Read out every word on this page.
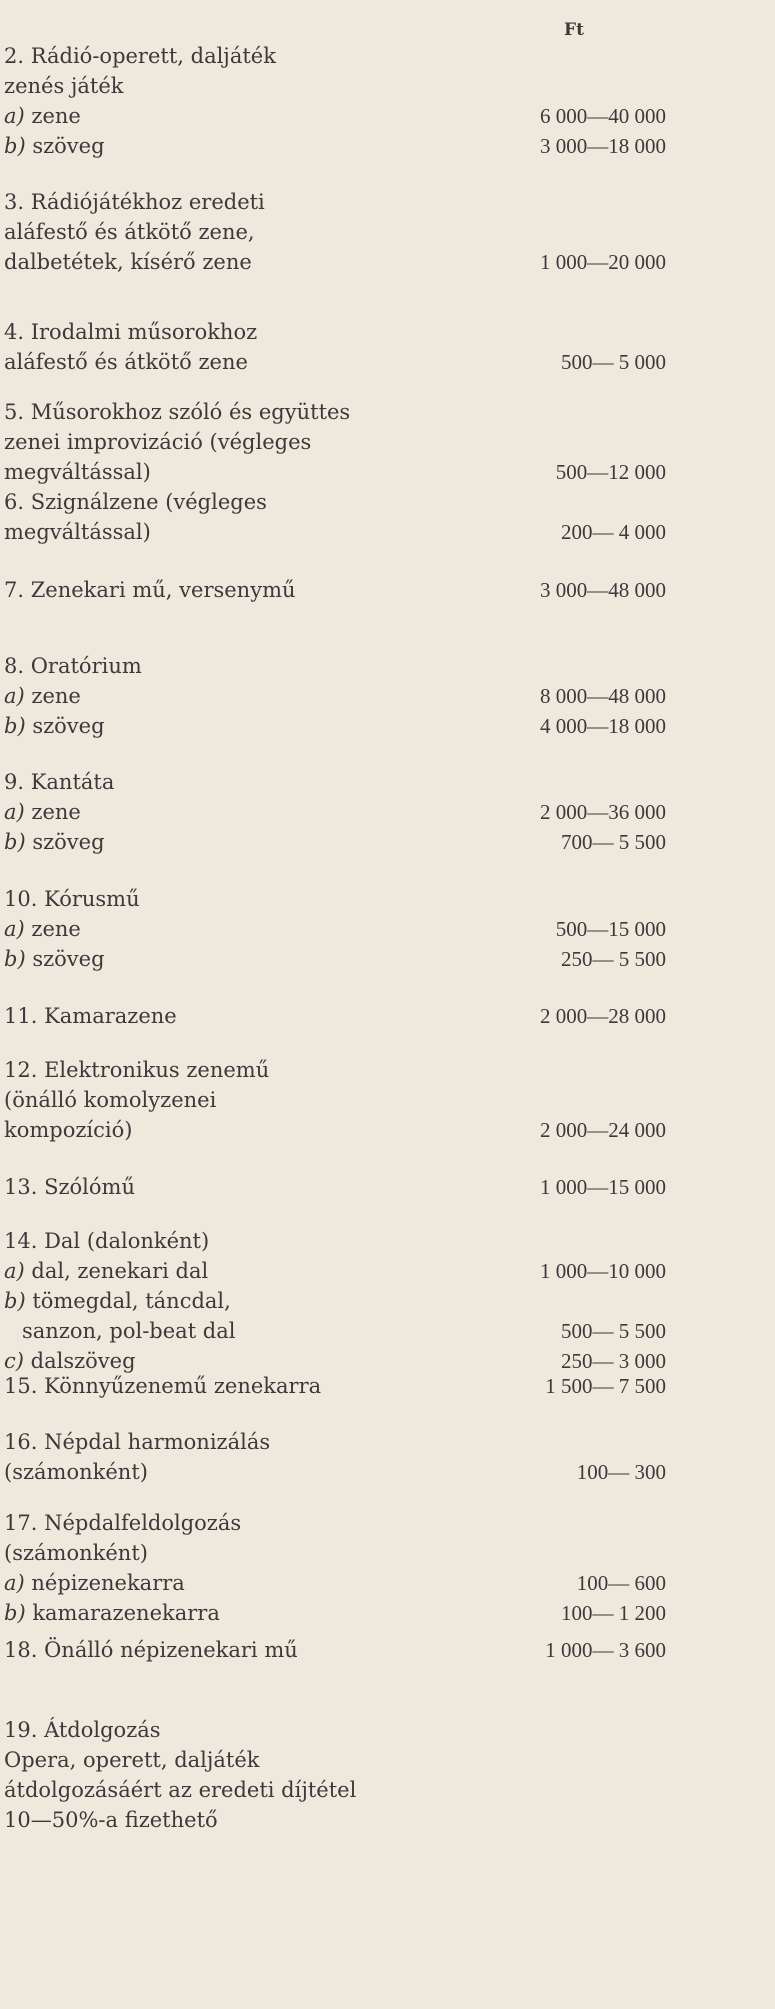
Ft
2. Rádió-operett, daljáték
zenés játék
a) zene	6 000—40 000
b) szöveg	3 000—18 000
3. Rádiójátékhoz eredeti
aláfestő és átkötő zene,
dalbetétek, kísérő zene	1 000—20 000
4. Irodalmi műsorokhoz
aláfestő és átkötő zene	500— 5 000
5. Műsorokhoz szóló és együttes
zenei improvizáció (végleges
megváltással)	500—12 000
6. Szignálzene (végleges
megváltással)	200— 4 000
7. Zenekari mű, versenymű	3 000—48 000
8. Oratórium
a) zene	8 000—48 000
b) szöveg	4 000—18 000
9. Kantáta
a) zene	2 000—36 000
b) szöveg	700— 5 500
10. Kórusmű
a) zene	500—15 000
b) szöveg	250— 5 500
11. Kamarazene	2 000—28 000
12. Elektronikus zenemű
(önálló komolyzenei
kompozíció)	2 000—24 000
13. Szólómű	1 000—15 000
14. Dal (dalonként)
a) dal, zenekari dal	1 000—10 000
b) tömegdal, táncdal,
sanzon, pol-beat dal	500— 5 500
c) dalszöveg	250— 3 000
15. Könnyűzenemű zenekarra	1 500— 7 500
16. Népdal harmonizálás
(számonként)	100— 300
17. Népdalfeldolgozás
(számonként)
a) népizenekarra	100— 600
b) kamarazenekarra	100— 1 200
18. Önálló népizenekari mű	1 000— 3 600
19. Átdolgozás
Opera, operett, daljáték
átdolgozásáért az eredeti díjtétel
10—50%-a fizethető
